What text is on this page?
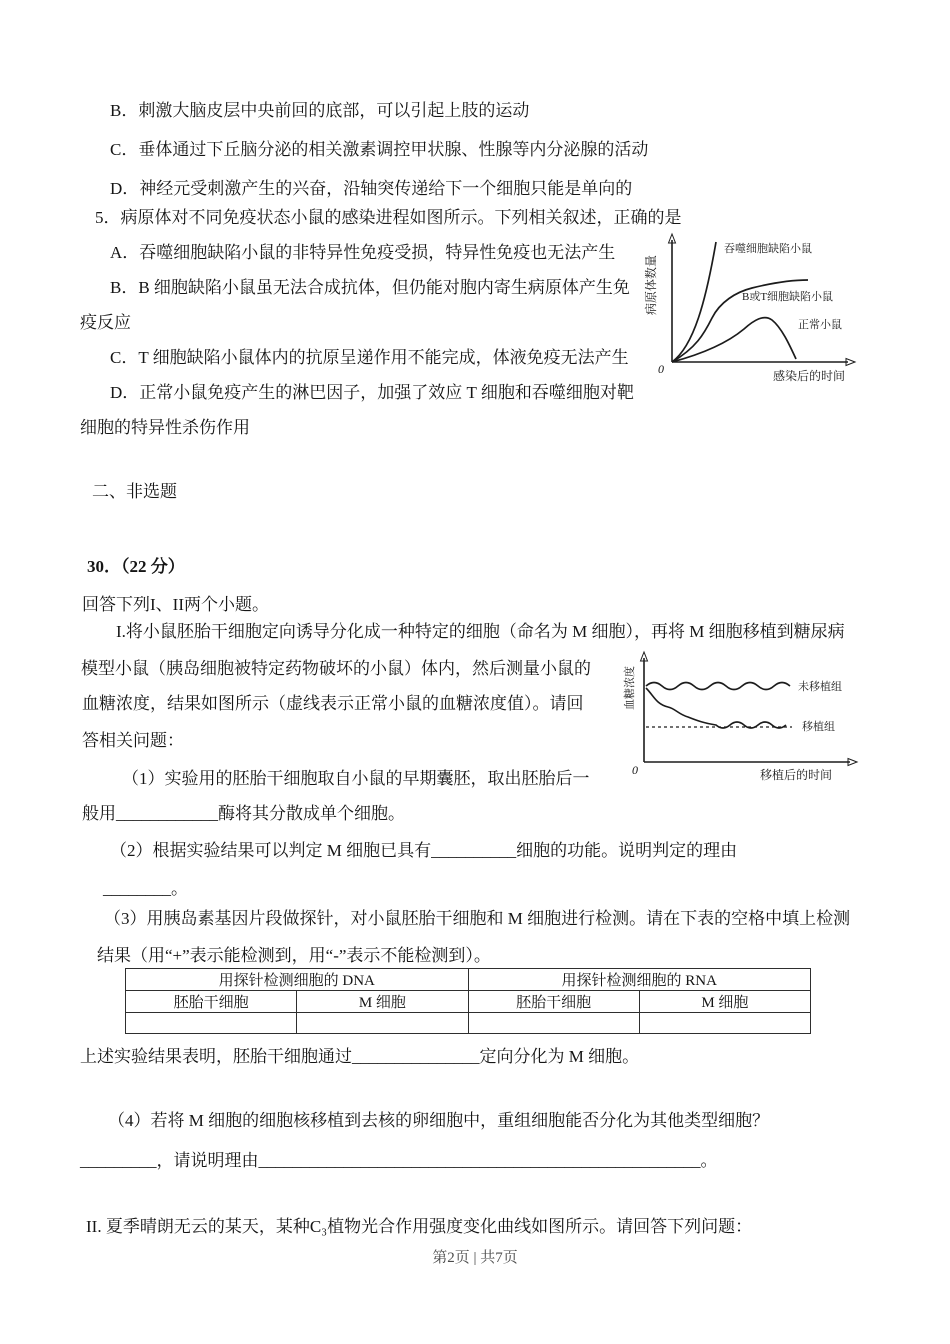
B．刺激大脑皮层中央前回的底部，可以引起上肢的运动
C．垂体通过下丘脑分泌的相关激素调控甲状腺、性腺等内分泌腺的活动
D．神经元受刺激产生的兴奋，沿轴突传递给下一个细胞只能是单向的
5．病原体对不同免疫状态小鼠的感染进程如图所示。下列相关叙述，正确的是
A．吞噬细胞缺陷小鼠的非特异性免疫受损，特异性免疫也无法产生
B．B 细胞缺陷小鼠虽无法合成抗体，但仍能对胞内寄生病原体产生免
疫反应
C．T 细胞缺陷小鼠体内的抗原呈递作用不能完成，体液免疫无法产生
D．正常小鼠免疫产生的淋巴因子，加强了效应 T 细胞和吞噬细胞对靶
细胞的特异性杀伤作用
病原体数量
吞噬细胞缺陷小鼠
B或T细胞缺陷小鼠
正常小鼠
0	感染后的时间
二、非选题
30．（22 分）
回答下列I、II两个小题。
I.将小鼠胚胎干细胞定向诱导分化成一种特定的细胞（命名为 M 细胞），再将 M 细胞移植到糖尿病
模型小鼠（胰岛细胞被特定药物破坏的小鼠）体内，然后测量小鼠的
血糖浓度，结果如图所示（虚线表示正常小鼠的血糖浓度值）。请回
答相关问题：
血糖浓度	未移植组
移植组
0	移植后的时间
（1）实验用的胚胎干细胞取自小鼠的早期囊胚，取出胚胎后一
般用____________酶将其分散成单个细胞。
（2）根据实验结果可以判定 M 细胞已具有__________细胞的功能。说明判定的理由
________。
（3）用胰岛素基因片段做探针，对小鼠胚胎干细胞和 M 细胞进行检测。请在下表的空格中填上检测
结果（用“+”表示能检测到，用“-”表示不能检测到）。
用探针检测细胞的 DNA		用探针检测细胞的 RNA	
胚胎干细胞	M 细胞	胚胎干细胞	M 细胞

上述实验结果表明，胚胎干细胞通过_______________定向分化为 M 细胞。
（4）若将 M 细胞的细胞核移植到去核的卵细胞中，重组细胞能否分化为其他类型细胞？
_________，请说明理由____________________________________________________。
II. 夏季晴朗无云的某天，某种C₃植物光合作用强度变化曲线如图所示。请回答下列问题：
第2页 | 共7页
